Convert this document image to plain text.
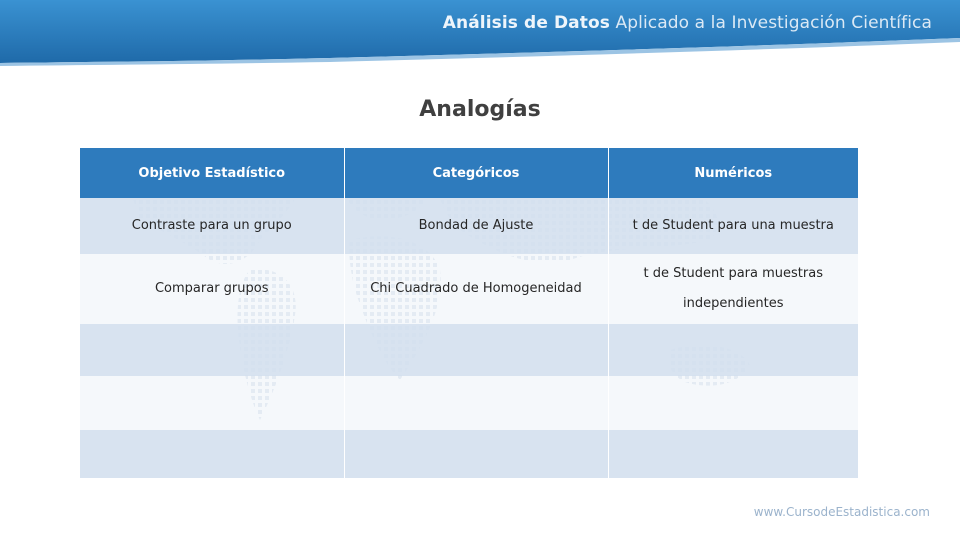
Análisis de Datos Aplicado a la Investigación Científica
Analogías
Objetivo Estadístico	Categóricos	Numéricos
Contraste para un grupo	Bondad de Ajuste	t de Student para una muestra
Comparar grupos	Chi Cuadrado de Homogeneidad	t de Student para muestras independientes

www.CursodeEstadistica.com
